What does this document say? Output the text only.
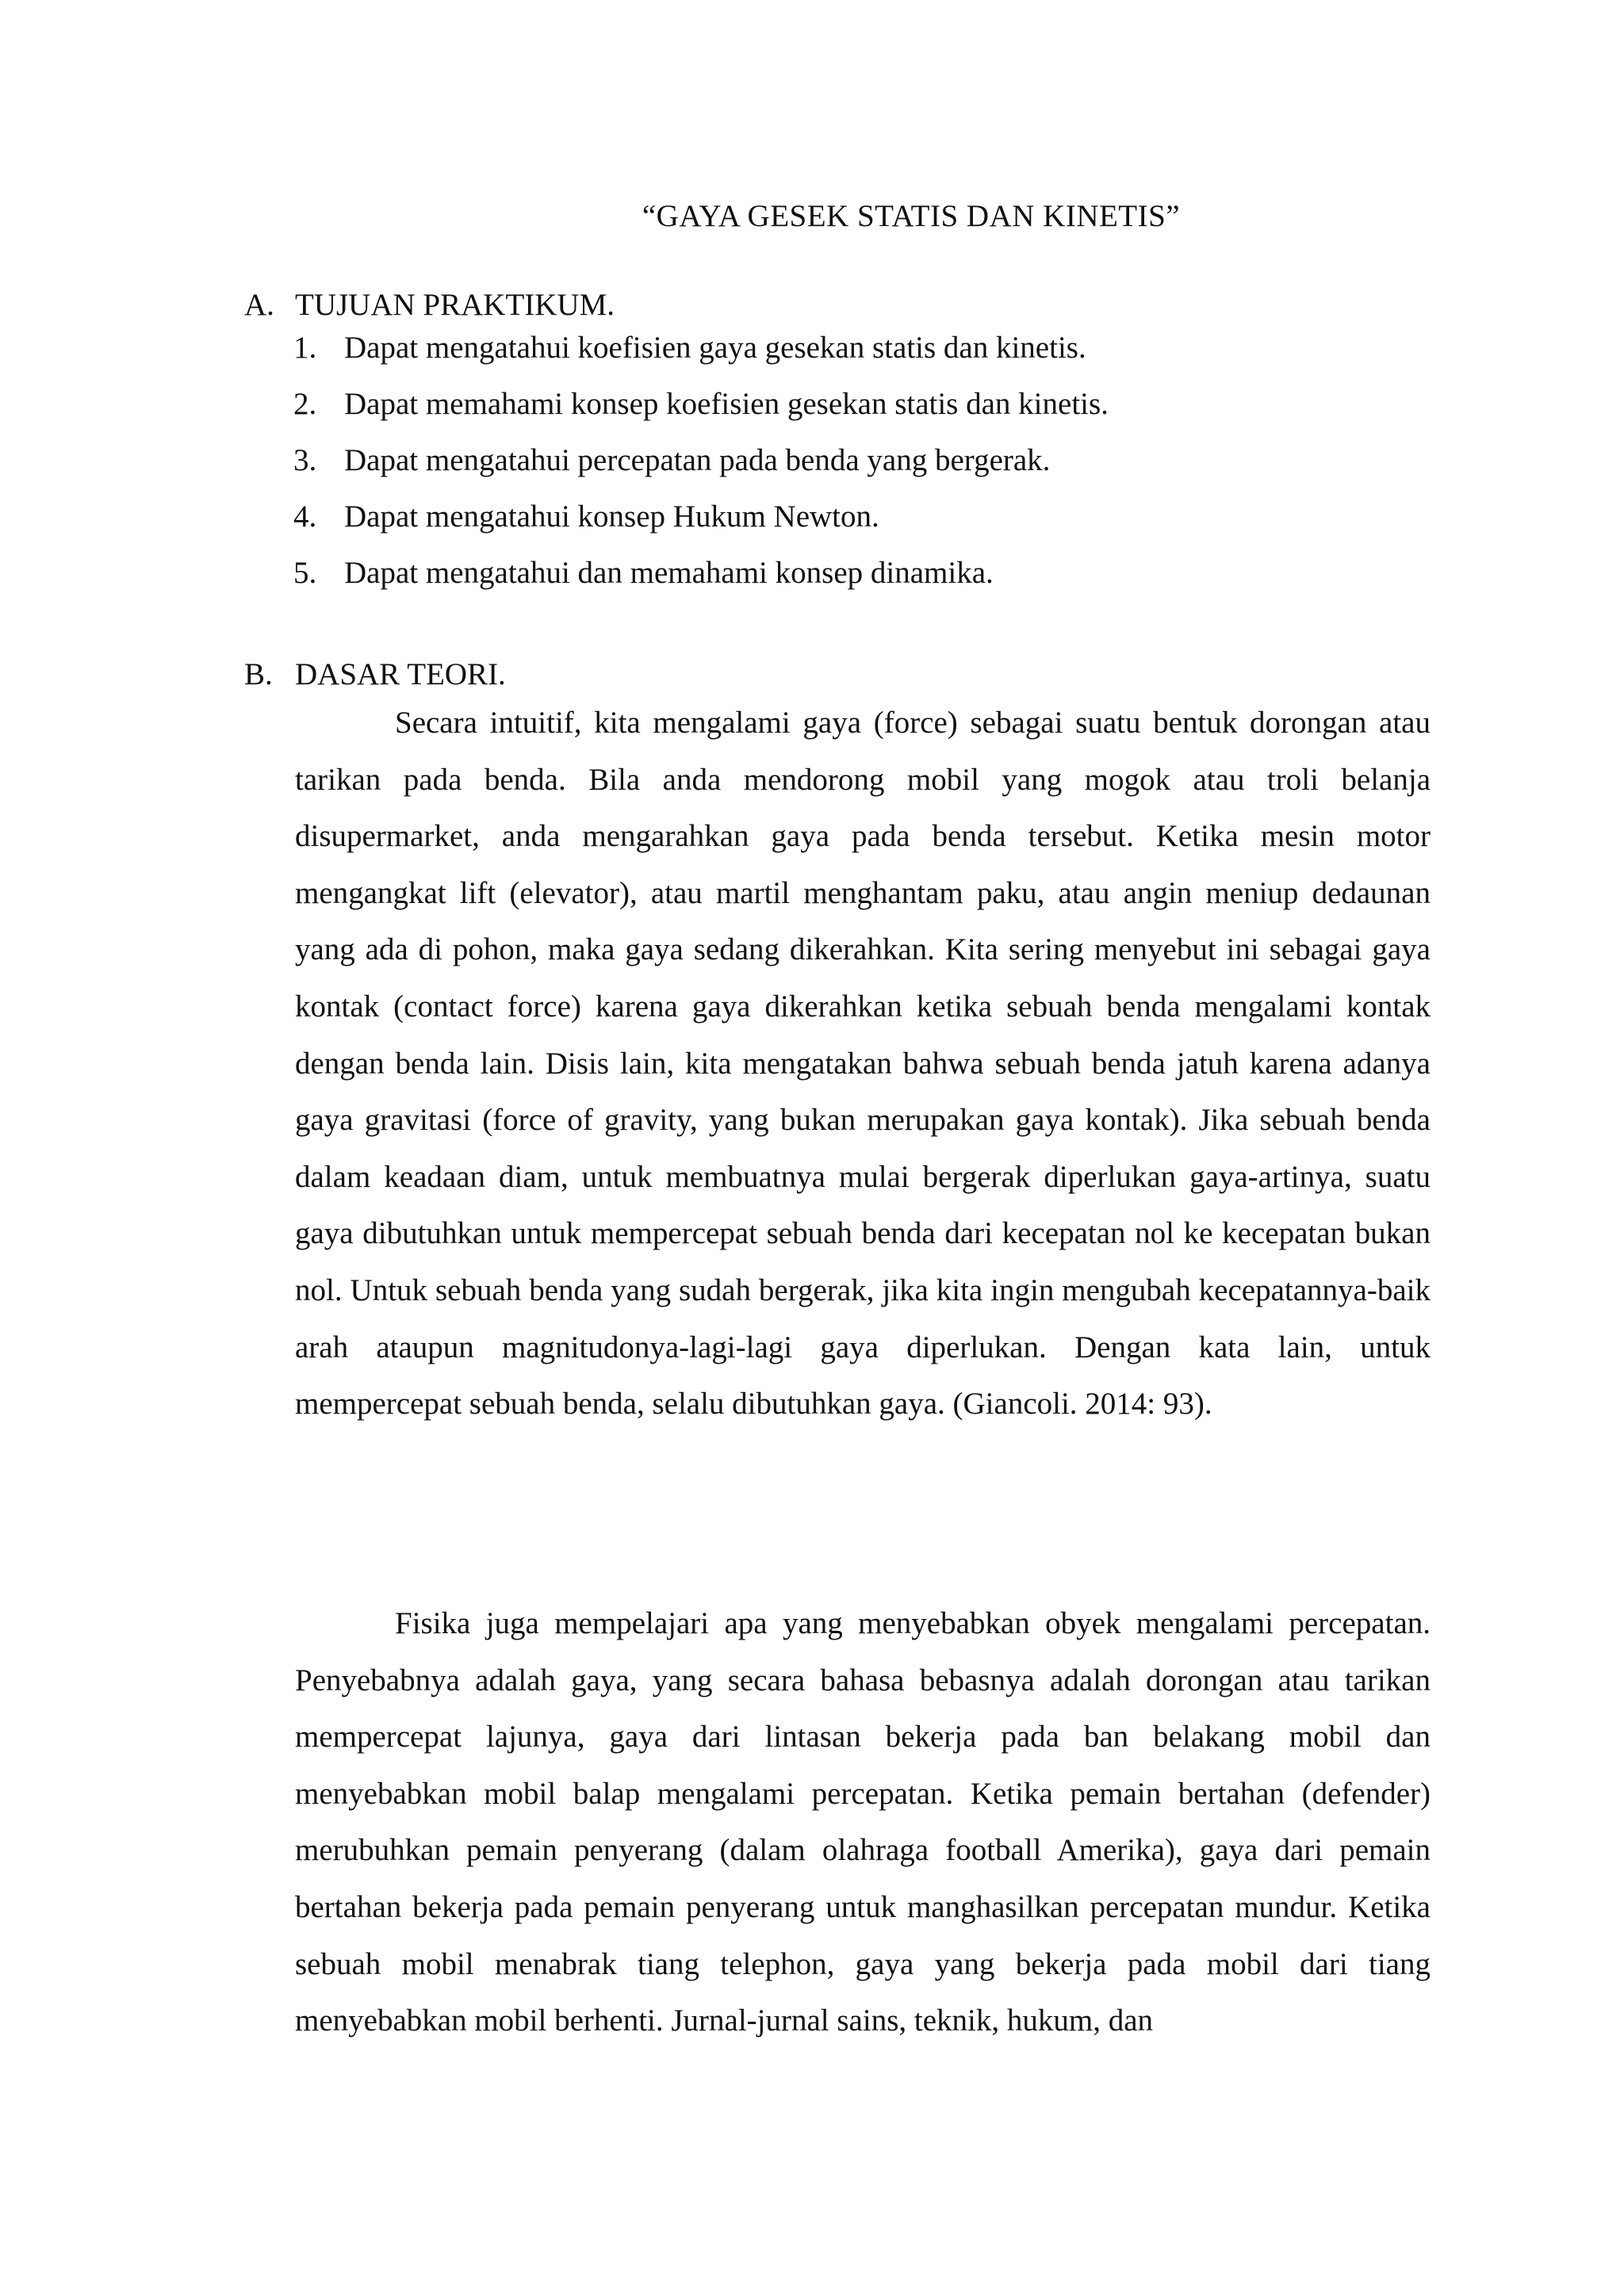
“GAYA GESEK STATIS DAN KINETIS”
A. TUJUAN PRAKTIKUM.
1. Dapat mengatahui koefisien gaya gesekan statis dan kinetis.
2. Dapat memahami konsep koefisien gesekan statis dan kinetis.
3. Dapat mengatahui percepatan pada benda yang bergerak.
4. Dapat mengatahui konsep Hukum Newton.
5. Dapat mengatahui dan memahami konsep dinamika.
B. DASAR TEORI.

Secara intuitif, kita mengalami gaya (force) sebagai suatu bentuk dorongan atau tarikan pada benda. Bila anda mendorong mobil yang mogok atau troli belanja disupermarket, anda mengarahkan gaya pada benda tersebut. Ketika mesin motor mengangkat lift (elevator), atau martil menghantam paku, atau angin meniup dedaunan yang ada di pohon, maka gaya sedang dikerahkan. Kita sering menyebut ini sebagai gaya kontak (contact force) karena gaya dikerahkan ketika sebuah benda mengalami kontak dengan benda lain. Disis lain, kita mengatakan bahwa sebuah benda jatuh karena adanya gaya gravitasi (force of gravity, yang bukan merupakan gaya kontak). Jika sebuah benda dalam keadaan diam, untuk membuatnya mulai bergerak diperlukan gaya-artinya, suatu gaya dibutuhkan untuk mempercepat sebuah benda dari kecepatan nol ke kecepatan bukan nol. Untuk sebuah benda yang sudah bergerak, jika kita ingin mengubah kecepatannya-baik arah ataupun magnitudonya-lagi-lagi gaya diperlukan. Dengan kata lain, untuk mempercepat sebuah benda, selalu dibutuhkan gaya. (Giancoli. 2014: 93).

Fisika juga mempelajari apa yang menyebabkan obyek mengalami percepatan. Penyebabnya adalah gaya, yang secara bahasa bebasnya adalah dorongan atau tarikan mempercepat lajunya, gaya dari lintasan bekerja pada ban belakang mobil dan menyebabkan mobil balap mengalami percepatan. Ketika pemain bertahan (defender) merubuhkan pemain penyerang (dalam olahraga football Amerika), gaya dari pemain bertahan bekerja pada pemain penyerang untuk manghasilkan percepatan mundur. Ketika sebuah mobil menabrak tiang telephon, gaya yang bekerja pada mobil dari tiang menyebabkan mobil berhenti. Jurnal-jurnal sains, teknik, hukum, dan
